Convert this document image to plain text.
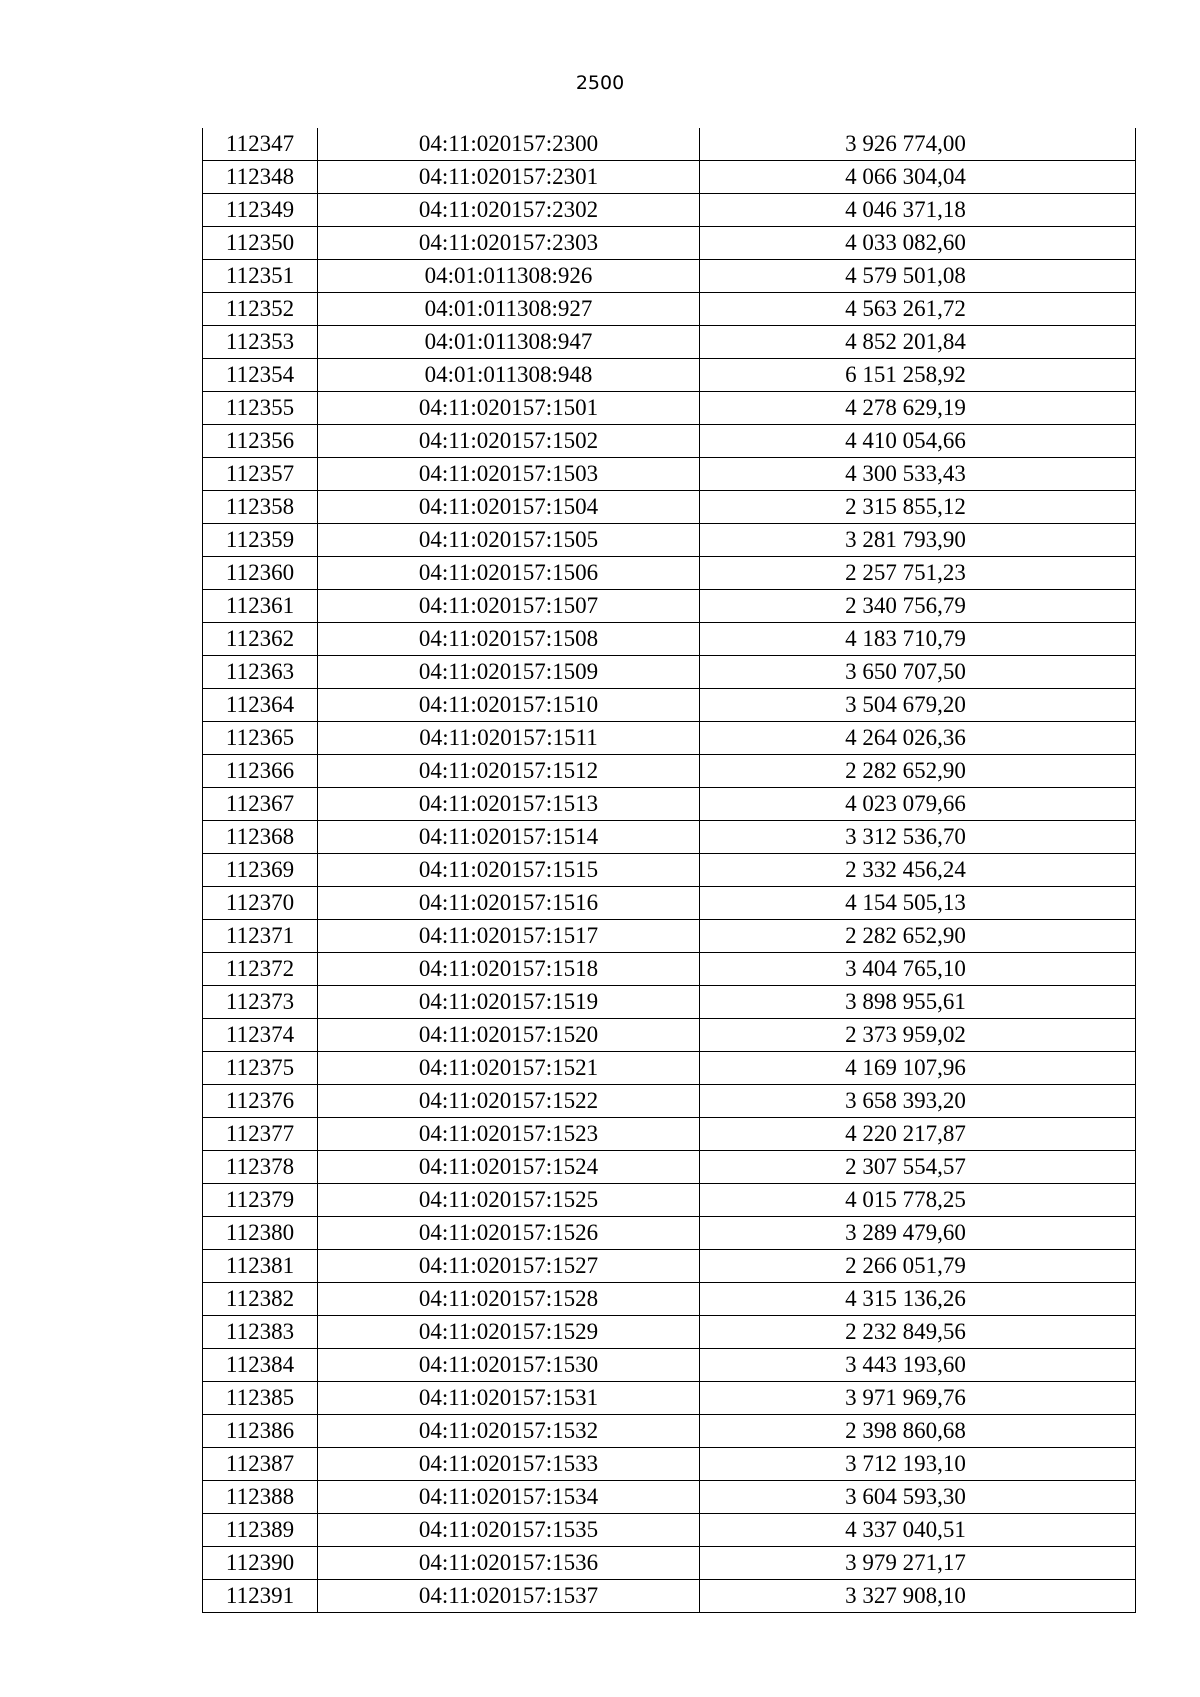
2500
112347	04:11:020157:2300	3 926 774,00
112348	04:11:020157:2301	4 066 304,04
112349	04:11:020157:2302	4 046 371,18
112350	04:11:020157:2303	4 033 082,60
112351	04:01:011308:926	4 579 501,08
112352	04:01:011308:927	4 563 261,72
112353	04:01:011308:947	4 852 201,84
112354	04:01:011308:948	6 151 258,92
112355	04:11:020157:1501	4 278 629,19
112356	04:11:020157:1502	4 410 054,66
112357	04:11:020157:1503	4 300 533,43
112358	04:11:020157:1504	2 315 855,12
112359	04:11:020157:1505	3 281 793,90
112360	04:11:020157:1506	2 257 751,23
112361	04:11:020157:1507	2 340 756,79
112362	04:11:020157:1508	4 183 710,79
112363	04:11:020157:1509	3 650 707,50
112364	04:11:020157:1510	3 504 679,20
112365	04:11:020157:1511	4 264 026,36
112366	04:11:020157:1512	2 282 652,90
112367	04:11:020157:1513	4 023 079,66
112368	04:11:020157:1514	3 312 536,70
112369	04:11:020157:1515	2 332 456,24
112370	04:11:020157:1516	4 154 505,13
112371	04:11:020157:1517	2 282 652,90
112372	04:11:020157:1518	3 404 765,10
112373	04:11:020157:1519	3 898 955,61
112374	04:11:020157:1520	2 373 959,02
112375	04:11:020157:1521	4 169 107,96
112376	04:11:020157:1522	3 658 393,20
112377	04:11:020157:1523	4 220 217,87
112378	04:11:020157:1524	2 307 554,57
112379	04:11:020157:1525	4 015 778,25
112380	04:11:020157:1526	3 289 479,60
112381	04:11:020157:1527	2 266 051,79
112382	04:11:020157:1528	4 315 136,26
112383	04:11:020157:1529	2 232 849,56
112384	04:11:020157:1530	3 443 193,60
112385	04:11:020157:1531	3 971 969,76
112386	04:11:020157:1532	2 398 860,68
112387	04:11:020157:1533	3 712 193,10
112388	04:11:020157:1534	3 604 593,30
112389	04:11:020157:1535	4 337 040,51
112390	04:11:020157:1536	3 979 271,17
112391	04:11:020157:1537	3 327 908,10
